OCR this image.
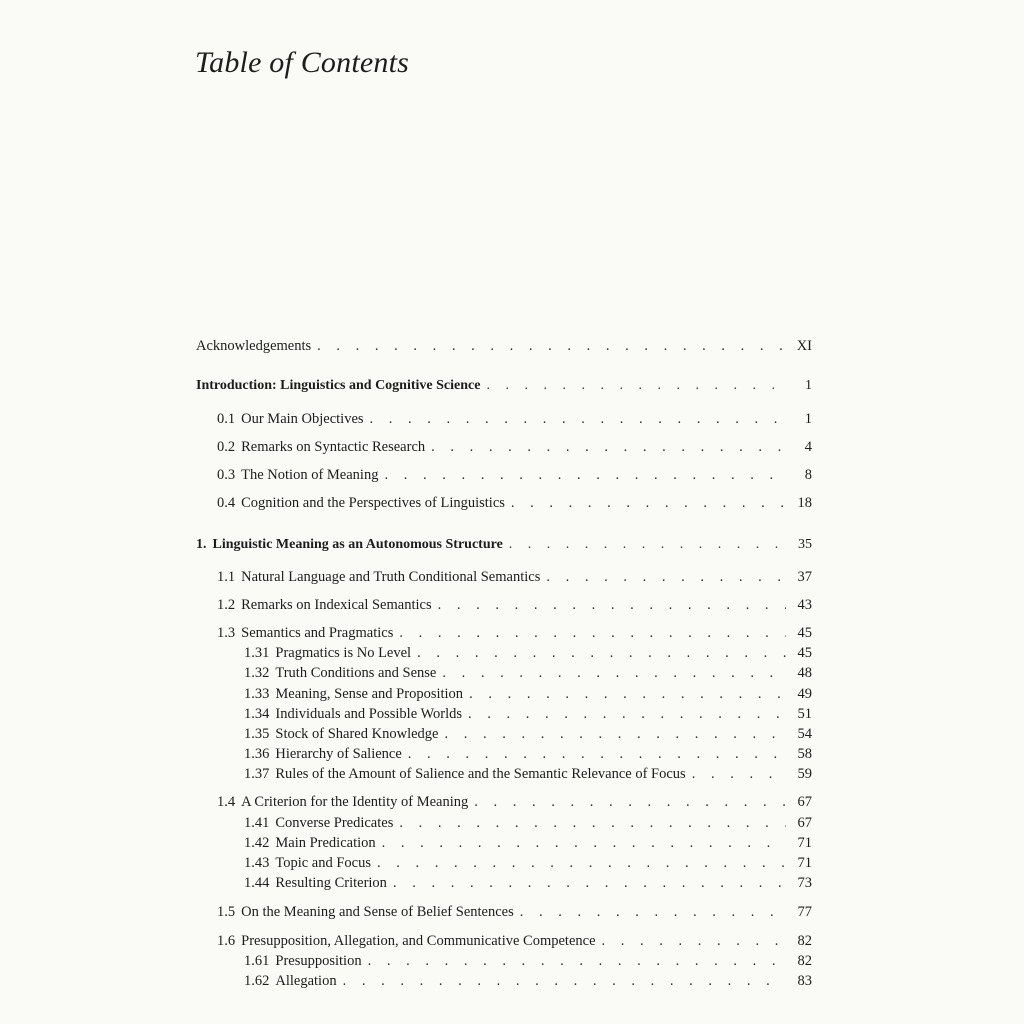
Table of Contents
Acknowledgements . . .	XI
Introduction: Linguistics and Cognitive Science . . .	1
0.1 Our Main Objectives . . .	1
0.2 Remarks on Syntactic Research . . .	4
0.3 The Notion of Meaning . . .	8
0.4 Cognition and the Perspectives of Linguistics . . .	18
1. Linguistic Meaning as an Autonomous Structure . . .	35
1.1 Natural Language and Truth Conditional Semantics . . .	37
1.2 Remarks on Indexical Semantics . . .	43
1.3 Semantics and Pragmatics . . .	45
1.31 Pragmatics is No Level . . .	45
1.32 Truth Conditions and Sense . . .	48
1.33 Meaning, Sense and Proposition . . .	49
1.34 Individuals and Possible Worlds . . .	51
1.35 Stock of Shared Knowledge . . .	54
1.36 Hierarchy of Salience . . .	58
1.37 Rules of the Amount of Salience and the Semantic Relevance of Focus . . .	59
1.4 A Criterion for the Identity of Meaning . . .	67
1.41 Converse Predicates . . .	67
1.42 Main Predication . . .	71
1.43 Topic and Focus . . .	71
1.44 Resulting Criterion . . .	73
1.5 On the Meaning and Sense of Belief Sentences . . .	77
1.6 Presupposition, Allegation, and Communicative Competence . . .	82
1.61 Presupposition . . .	82
1.62 Allegation . . .	83
